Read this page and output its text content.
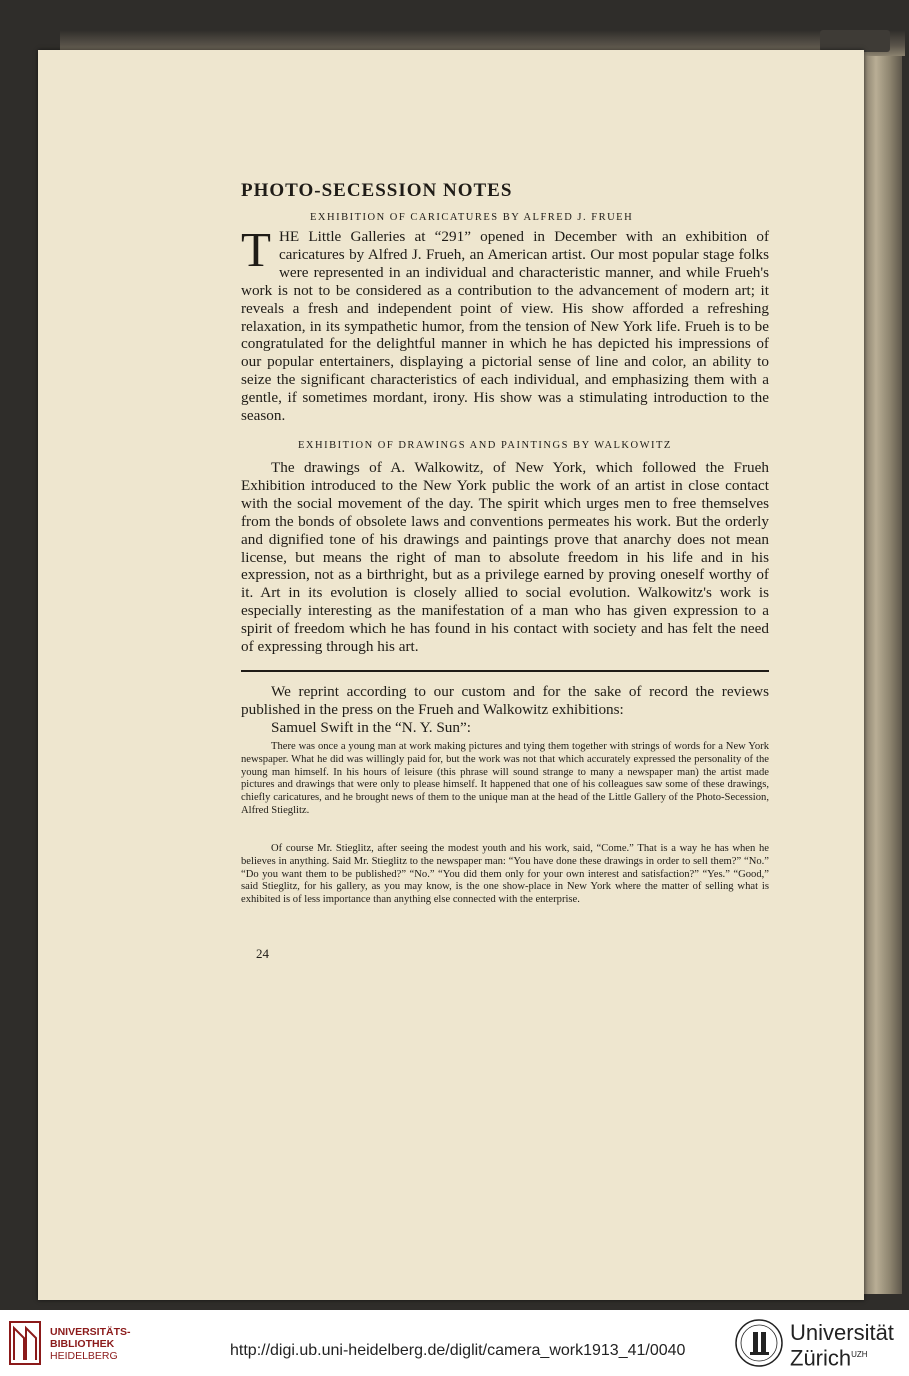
PHOTO-SECESSION NOTES
EXHIBITION OF CARICATURES BY ALFRED J. FRUEH

THE Little Galleries at “291” opened in December with an exhibition of caricatures by Alfred J. Frueh, an American artist. Our most popular stage folks were represented in an individual and characteristic manner, and while Frueh's work is not to be considered as a contribution to the advancement of modern art; it reveals a fresh and independent point of view. His show afforded a refreshing relaxation, in its sympathetic humor, from the tension of New York life. Frueh is to be congratulated for the delightful manner in which he has depicted his impressions of our popular entertainers, displaying a pictorial sense of line and color, an ability to seize the significant characteristics of each individual, and emphasizing them with a gentle, if sometimes mordant, irony. His show was a stimulating introduction to the season.

EXHIBITION OF DRAWINGS AND PAINTINGS BY WALKOWITZ

The drawings of A. Walkowitz, of New York, which followed the Frueh Exhibition introduced to the New York public the work of an artist in close contact with the social movement of the day. The spirit which urges men to free themselves from the bonds of obsolete laws and conventions permeates his work. But the orderly and dignified tone of his drawings and paintings prove that anarchy does not mean license, but means the right of man to absolute freedom in his life and in his expression, not as a birthright, but as a privilege earned by proving oneself worthy of it. Art in its evolution is closely allied to social evolution. Walkowitz's work is especially interesting as the manifestation of a man who has given expression to a spirit of freedom which he has found in his contact with society and has felt the need of expressing through his art.

We reprint according to our custom and for the sake of record the reviews published in the press on the Frueh and Walkowitz exhibitions:

Samuel Swift in the “N. Y. Sun”:

There was once a young man at work making pictures and tying them together with strings of words for a New York newspaper. What he did was willingly paid for, but the work was not that which accurately expressed the personality of the young man himself. In his hours of leisure (this phrase will sound strange to many a newspaper man) the artist made pictures and drawings that were only to please himself. It happened that one of his colleagues saw some of these drawings, chiefly caricatures, and he brought news of them to the unique man at the head of the Little Gallery of the Photo-Secession, Alfred Stieglitz.

Of course Mr. Stieglitz, after seeing the modest youth and his work, said, “Come.” That is a way he has when he believes in anything. Said Mr. Stieglitz to the newspaper man: “You have done these drawings in order to sell them?” “No.” “Do you want them to be published?” “No.” “You did them only for your own interest and satisfaction?” “Yes.” “Good,” said Stieglitz, for his gallery, as you may know, is the one show-place in New York where the matter of selling what is exhibited is of less importance than anything else connected with the enterprise.

24
UNIVERSITÄTS-
BIBLIOTHEK
HEIDELBERG	http://digi.ub.uni-heidelberg.de/diglit/camera_work1913_41/0040
Universität
Zürich$^{UZH}$
